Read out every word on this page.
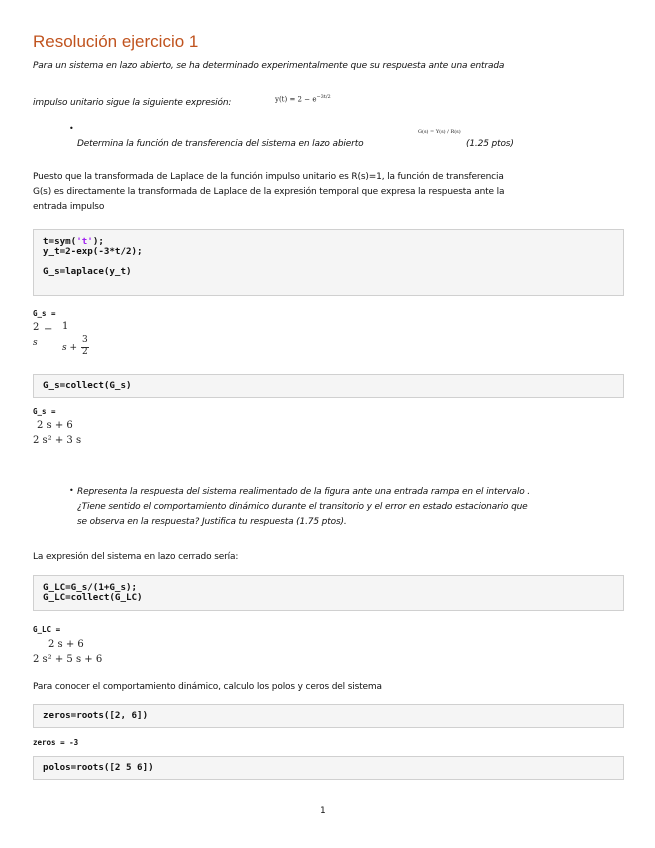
Resolución ejercicio 1
Para un sistema en lazo abierto, se ha determinado experimentalmente que su respuesta ante una entrada
impulso unitario sigue la siguiente expresión:	$y(t) = 2 - e^{-3t/2}$
•
Determina la función de transferencia del sistema en lazo abierto
G(s) = Y(s) / R(s)
(1.25 ptos)
Puesto que la transformada de Laplace de la función impulso unitario es R(s)=1, la función de transferencia
G(s) es directamente la transformada de Laplace de la expresión temporal que expresa la respuesta ante la
entrada impulso
t=sym('t');
y_t=2-exp(-3*t/2);

G_s=laplace(y_t)
G_s =
2
s
− 1
s +
3
2
G_s=collect(G_s)
G_s =
2 s + 6
2 s² + 3 s
• Representa la respuesta del sistema realimentado de la figura ante una entrada rampa en el intervalo .
¿Tiene sentido el comportamiento dinámico durante el transitorio y el error en estado estacionario que
se observa en la respuesta? Justifica tu respuesta (1.75 ptos).
La expresión del sistema en lazo cerrado sería:
G_LC=G_s/(1+G_s);
G_LC=collect(G_LC)
G_LC =
2 s + 6
2 s² + 5 s + 6
Para conocer el comportamiento dinámico, calculo los polos y ceros del sistema
zeros=roots([2, 6])
zeros = -3
polos=roots([2 5 6])
1
